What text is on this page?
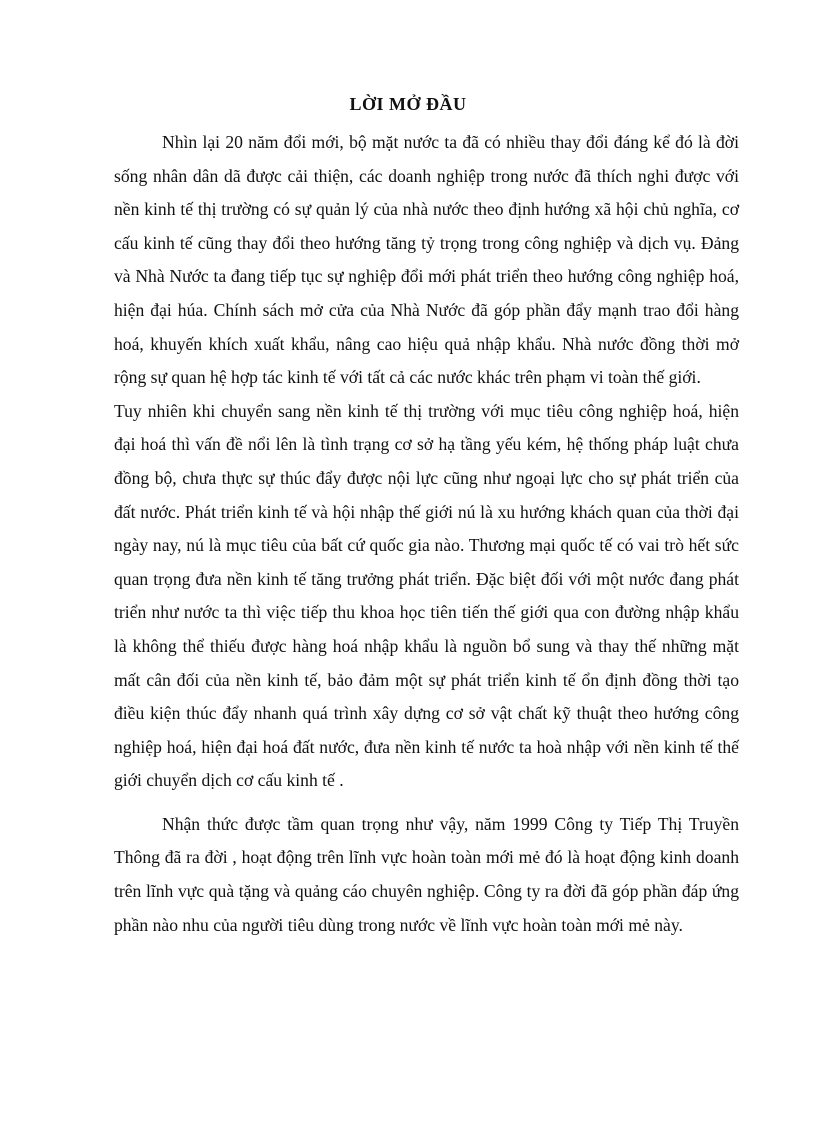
LỜI MỞ ĐẦU

Nhìn lại 20 năm đổi mới, bộ mặt nước ta đã có nhiều thay đổi đáng kể đó là đời sống nhân dân dã được cải thiện, các doanh nghiệp trong nước đã thích nghi được với nền kinh tế thị trường có sự quản lý của nhà nước theo định hướng xã hội chủ nghĩa, cơ cấu kinh tế cũng thay đổi theo hướng tăng tỷ trọng trong công nghiệp và dịch vụ. Đảng và Nhà Nước ta đang tiếp tục sự nghiệp đổi mới phát triển theo hướng công nghiệp hoá, hiện đại húa. Chính sách mở cửa của Nhà Nước đã góp phần đẩy mạnh trao đổi hàng hoá, khuyến khích xuất khẩu, nâng cao hiệu quả nhập khẩu. Nhà nước đồng thời mở rộng sự quan hệ hợp tác kinh tế với tất cả các nước khác trên phạm vi toàn thế giới.

Tuy nhiên khi chuyển sang nền kinh tế thị trường với mục tiêu công nghiệp hoá, hiện đại hoá thì vấn đề nổi lên là tình trạng cơ sở hạ tầng yếu kém, hệ thống pháp luật chưa đồng bộ, chưa thực sự thúc đẩy được nội lực cũng như ngoại lực cho sự phát triển của đất nước. Phát triển kinh tế và hội nhập thế giới nú là xu hướng khách quan của thời đại ngày nay, nú là mục tiêu của bất cứ quốc gia nào. Thương mại quốc tế có vai trò hết sức quan trọng đưa nền kinh tế tăng trưởng phát triển. Đặc biệt đối với một nước đang phát triển như nước ta thì việc tiếp thu khoa học tiên tiến thế giới qua con đường nhập khẩu là không thể thiếu được hàng hoá nhập khẩu là nguồn bổ sung và thay thế những mặt mất cân đối của nền kinh tế, bảo đảm một sự phát triển kinh tế ổn định đồng thời tạo điều kiện thúc đẩy nhanh quá trình xây dựng cơ sở vật chất kỹ thuật theo hướng công nghiệp hoá, hiện đại hoá đất nước, đưa nền kinh tế nước ta hoà nhập với nền kinh tế thế giới chuyển dịch cơ cấu kinh tế .

Nhận thức được tầm quan trọng như vậy, năm 1999 Công ty Tiếp Thị Truyền Thông đã ra đời , hoạt động trên lĩnh vực hoàn toàn mới mẻ đó là hoạt động kinh doanh trên lĩnh vực quà tặng và quảng cáo chuyên nghiệp. Công ty ra đời đã góp phần đáp ứng phần nào nhu của người tiêu dùng trong nước về lĩnh vực hoàn toàn mới mẻ này.
